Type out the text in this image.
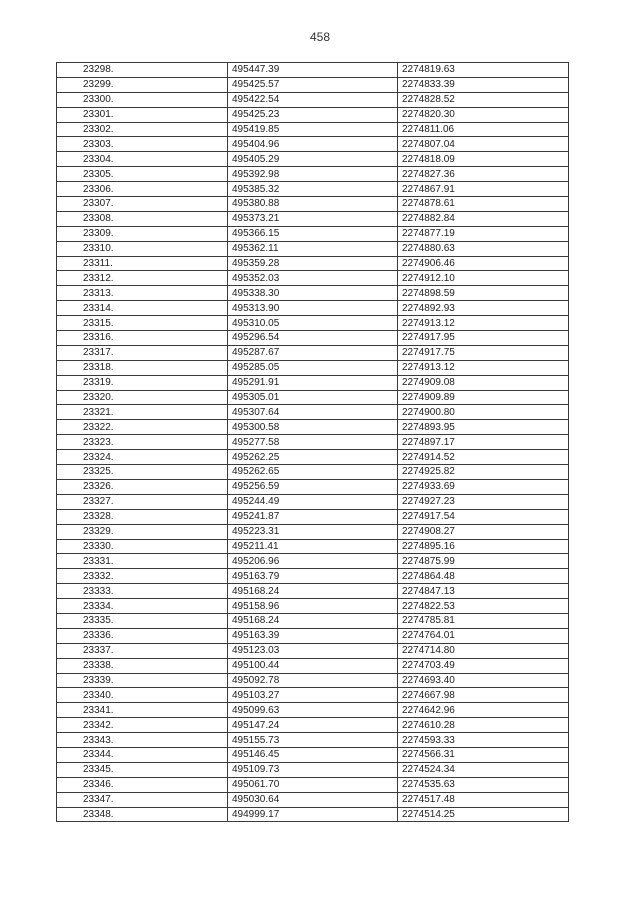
458
23298.	495447.39	2274819.63
23299.	495425.57	2274833.39
23300.	495422.54	2274828.52
23301.	495425.23	2274820.30
23302.	495419.85	2274811.06
23303.	495404.96	2274807.04
23304.	495405.29	2274818.09
23305.	495392.98	2274827.36
23306.	495385.32	2274867.91
23307.	495380.88	2274878.61
23308.	495373.21	2274882.84
23309.	495366.15	2274877.19
23310.	495362.11	2274880.63
23311.	495359.28	2274906.46
23312.	495352.03	2274912.10
23313.	495338.30	2274898.59
23314.	495313.90	2274892.93
23315.	495310.05	2274913.12
23316.	495296.54	2274917.95
23317.	495287.67	2274917.75
23318.	495285.05	2274913.12
23319.	495291.91	2274909.08
23320.	495305.01	2274909.89
23321.	495307.64	2274900.80
23322.	495300.58	2274893.95
23323.	495277.58	2274897.17
23324.	495262.25	2274914.52
23325.	495262.65	2274925.82
23326.	495256.59	2274933.69
23327.	495244.49	2274927.23
23328.	495241.87	2274917.54
23329.	495223.31	2274908.27
23330.	495211.41	2274895.16
23331.	495206.96	2274875.99
23332.	495163.79	2274864.48
23333.	495168.24	2274847.13
23334.	495158.96	2274822.53
23335.	495168.24	2274785.81
23336.	495163.39	2274764.01
23337.	495123.03	2274714.80
23338.	495100.44	2274703.49
23339.	495092.78	2274693.40
23340.	495103.27	2274667.98
23341.	495099.63	2274642.96
23342.	495147.24	2274610.28
23343.	495155.73	2274593.33
23344.	495146.45	2274566.31
23345.	495109.73	2274524.34
23346.	495061.70	2274535.63
23347.	495030.64	2274517.48
23348.	494999.17	2274514.25
